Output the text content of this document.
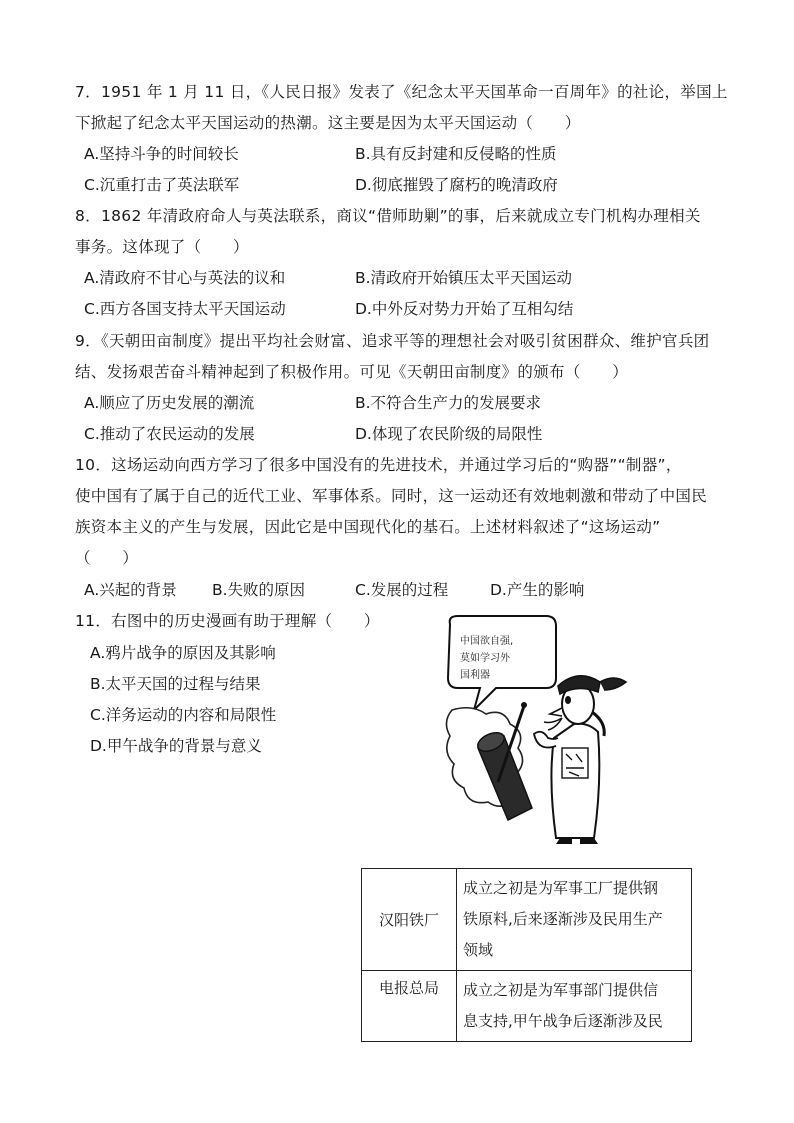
7．1951 年 1 月 11 日，《人民日报》发表了《纪念太平天国革命一百周年》的社论，举国上
下掀起了纪念太平天国运动的热潮。这主要是因为太平天国运动（　　）
A.坚持斗争的时间较长	B.具有反封建和反侵略的性质
C.沉重打击了英法联军	D.彻底摧毁了腐朽的晚清政府
8．1862 年清政府命人与英法联系，商议“借师助剿”的事，后来就成立专门机构办理相关
事务。这体现了（　　）
A.清政府不甘心与英法的议和	B.清政府开始镇压太平天国运动
C.西方各国支持太平天国运动	D.中外反对势力开始了互相勾结
9．《天朝田亩制度》提出平均社会财富、追求平等的理想社会对吸引贫困群众、维护官兵团
结、发扬艰苦奋斗精神起到了积极作用。可见《天朝田亩制度》的颁布（　　）
A.顺应了历史发展的潮流	B.不符合生产力的发展要求
C.推动了农民运动的发展	D.体现了农民阶级的局限性
10．这场运动向西方学习了很多中国没有的先进技术，并通过学习后的“购器”“制器”，
使中国有了属于自己的近代工业、军事体系。同时，这一运动还有效地刺激和带动了中国民
族资本主义的产生与发展，因此它是中国现代化的基石。上述材料叙述了“这场运动”
（　　）
A.兴起的背景 B.失败的原因	C.发展的过程	D.产生的影响
11．右图中的历史漫画有助于理解（　　）
A.鸦片战争的原因及其影响
B.太平天国的过程与结果
C.洋务运动的内容和局限性
D.甲午战争的背景与意义
中国欲自强,
莫如学习外
国利器
汉阳铁厂	成立之初是为军事工厂提供钢
铁原料,后来逐渐涉及民用生产
领域

电报总局	成立之初是为军事部门提供信
息支持,甲午战争后逐渐涉及民
